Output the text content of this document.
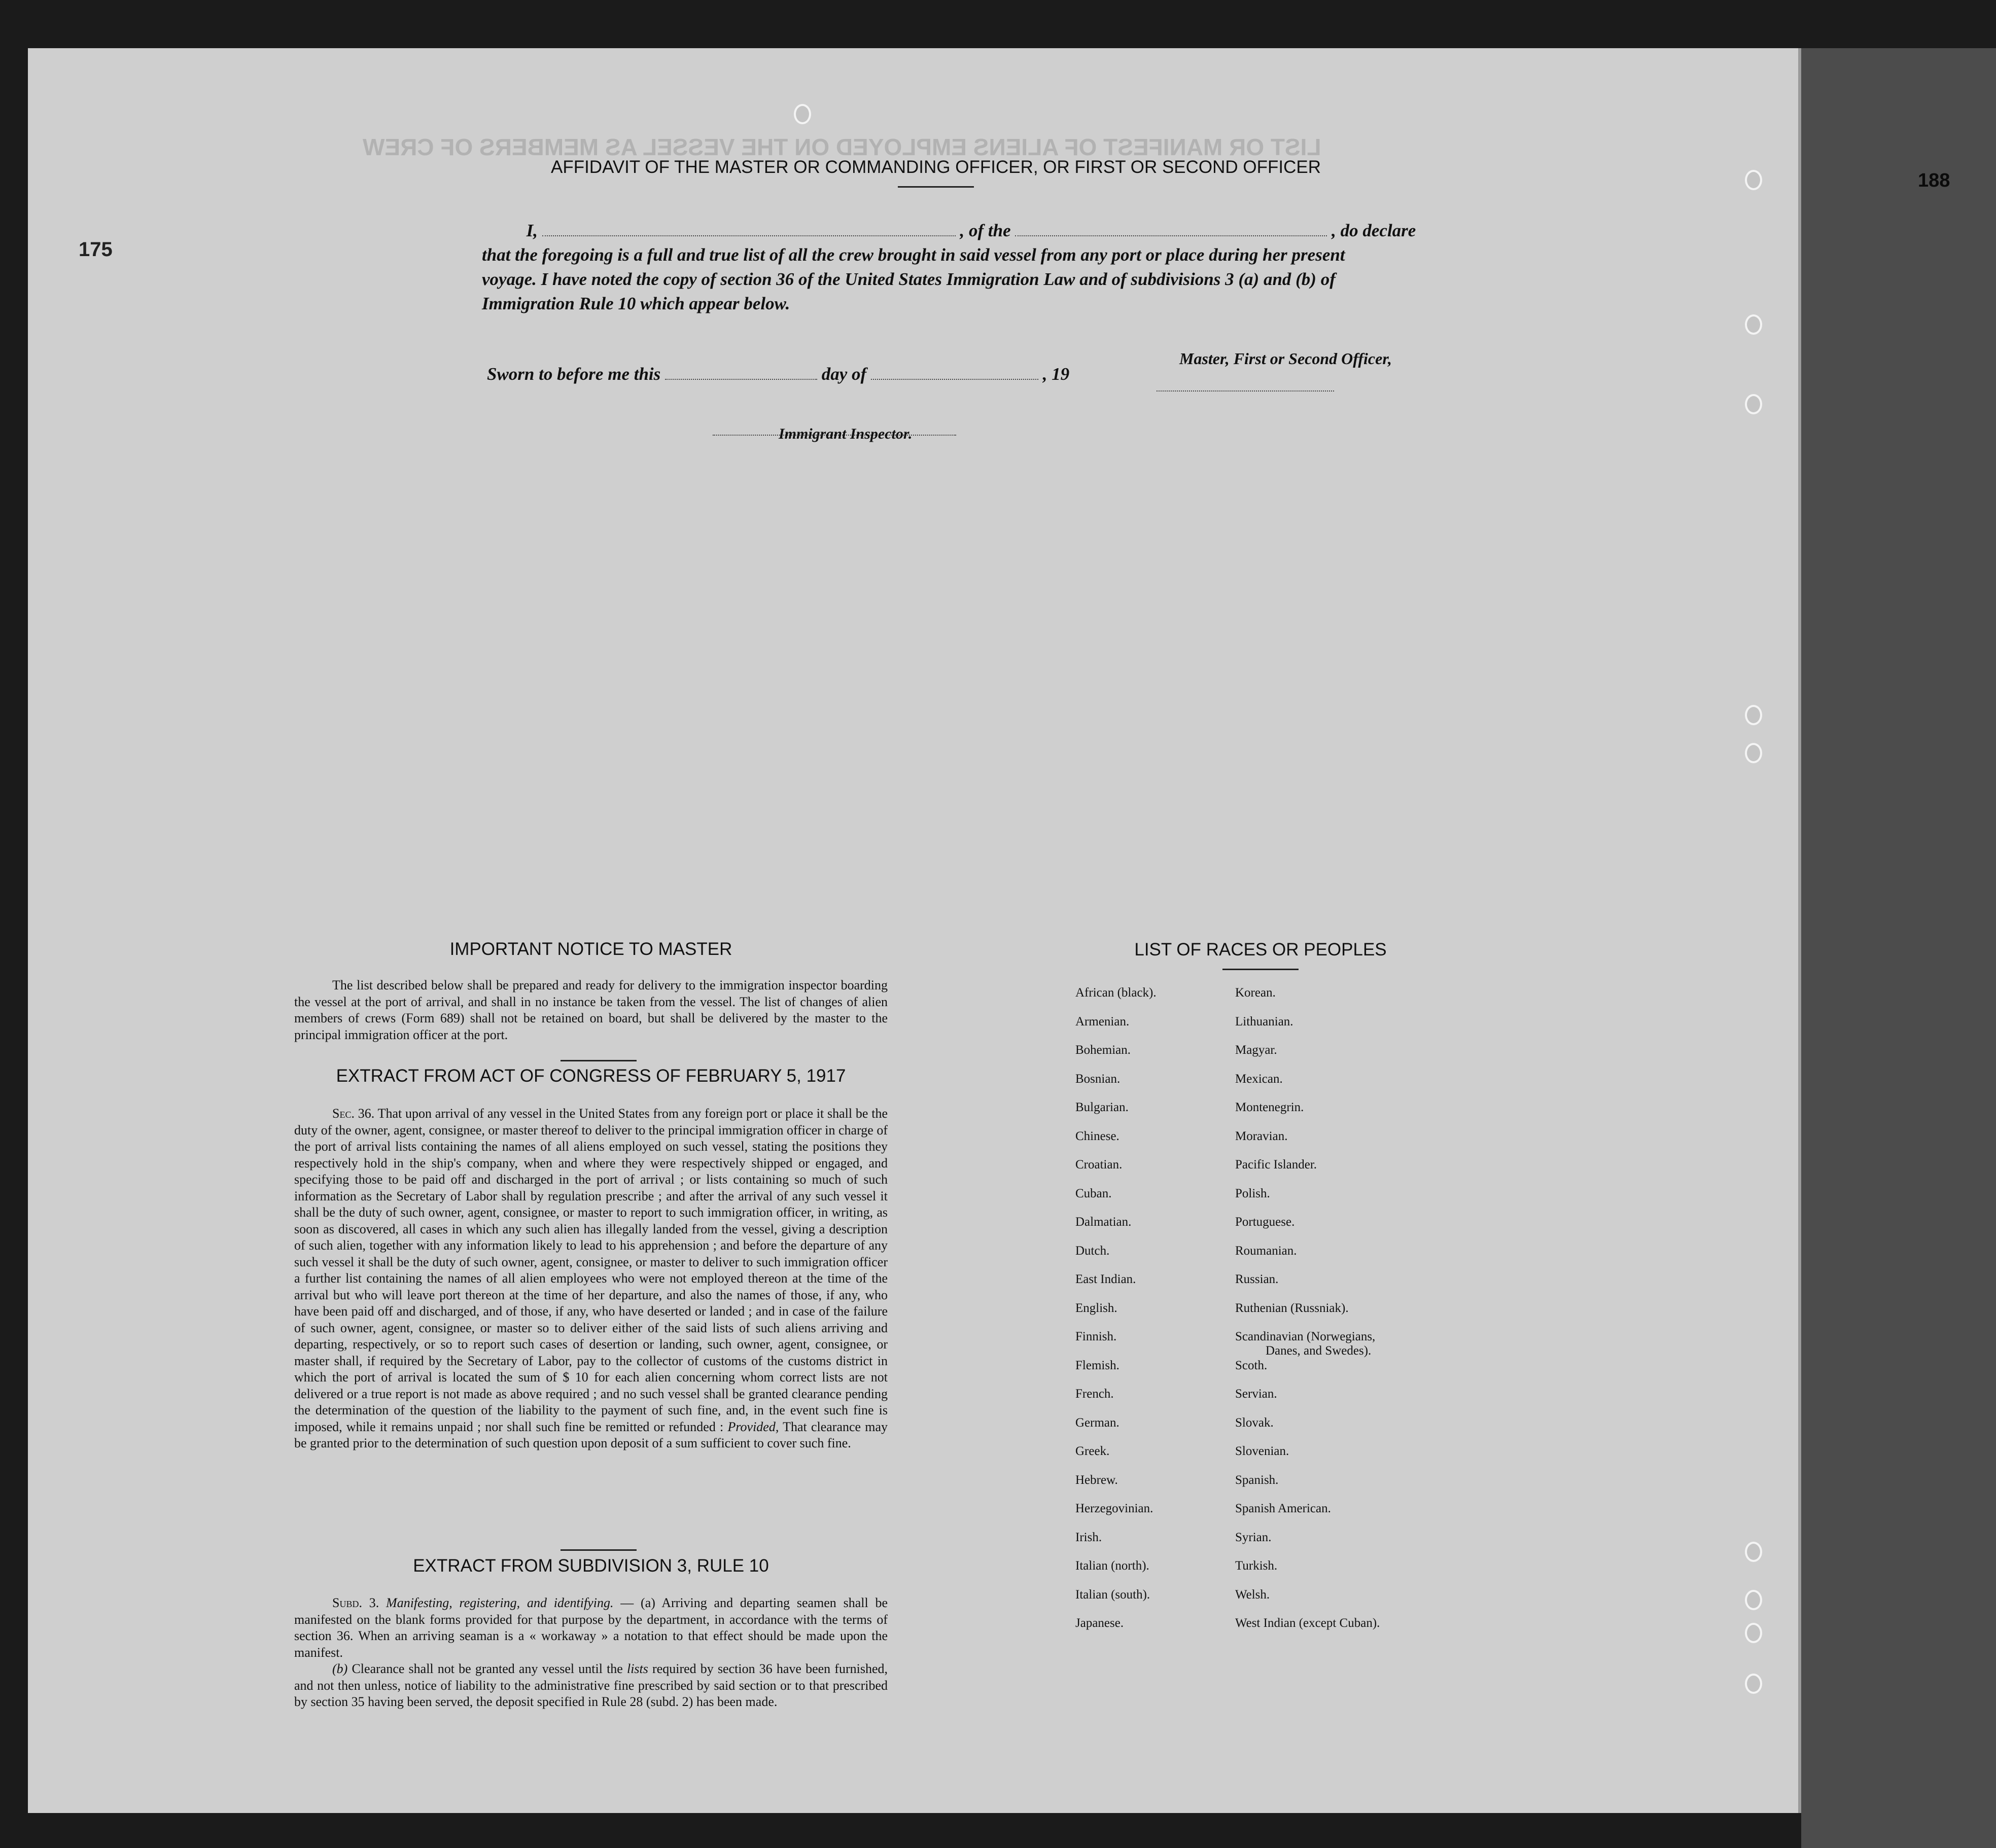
LIST OR MANIFEST OF ALIENS EMPLOYED ON THE VESSEL AS MEMBERS OF CREW
175
AFFIDAVIT OF THE MASTER OR COMMANDING OFFICER, OR FIRST OR SECOND OFFICER
I,	, of the	, do declare
that the foregoing is a full and true list of all the crew brought in said vessel from any port or place during her present
voyage. I have noted the copy of section 36 of the United States Immigration Law and of subdivisions 3 (a) and (b) of
Immigration Rule 10 which appear below.
Master, First or Second Officer,
Sworn to before me this	day of	, 19
Immigrant Inspector.
IMPORTANT NOTICE TO MASTER
The list described below shall be prepared and ready for delivery to the immigration inspector boarding the vessel at the port of arrival, and shall in no instance be taken from the vessel. The list of changes of alien members of crews (Form 689) shall not be retained on board, but shall be delivered by the master to the principal immigration officer at the port.
EXTRACT FROM ACT OF CONGRESS OF FEBRUARY 5, 1917
Sec. 36. That upon arrival of any vessel in the United States from any foreign port or place it shall be the duty of the owner, agent, consignee, or master thereof to deliver to the principal immigration officer in charge of the port of arrival lists containing the names of all aliens employed on such vessel, stating the positions they respectively hold in the ship's company, when and where they were respectively shipped or engaged, and specifying those to be paid off and discharged in the port of arrival ; or lists containing so much of such information as the Secretary of Labor shall by regulation prescribe ; and after the arrival of any such vessel it shall be the duty of such owner, agent, consignee, or master to report to such immigration officer, in writing, as soon as discovered, all cases in which any such alien has illegally landed from the vessel, giving a description of such alien, together with any information likely to lead to his apprehension ; and before the departure of any such vessel it shall be the duty of such owner, agent, consignee, or master to deliver to such immigration officer a further list containing the names of all alien employees who were not employed thereon at the time of the arrival but who will leave port thereon at the time of her departure, and also the names of those, if any, who have been paid off and discharged, and of those, if any, who have deserted or landed ; and in case of the failure of such owner, agent, consignee, or master so to deliver either of the said lists of such aliens arriving and departing, respectively, or so to report such cases of desertion or landing, such owner, agent, consignee, or master shall, if required by the Secretary of Labor, pay to the collector of customs of the customs district in which the port of arrival is located the sum of $ 10 for each alien concerning whom correct lists are not delivered or a true report is not made as above required ; and no such vessel shall be granted clearance pending the determination of the question of the liability to the payment of such fine, and, in the event such fine is imposed, while it remains unpaid ; nor shall such fine be remitted or refunded : Provided, That clearance may be granted prior to the determination of such question upon deposit of a sum sufficient to cover such fine.
EXTRACT FROM SUBDIVISION 3, RULE 10
Subd. 3. Manifesting, registering, and identifying. — (a) Arriving and departing seamen shall be manifested on the blank forms provided for that purpose by the department, in accordance with the terms of section 36. When an arriving seaman is a « workaway » a notation to that effect should be made upon the manifest.
(b) Clearance shall not be granted any vessel until the lists required by section 36 have been furnished, and not then unless, notice of liability to the administrative fine prescribed by said section or to that prescribed by section 35 having been served, the deposit specified in Rule 28 (subd. 2) has been made.
LIST OF RACES OR PEOPLES
African (black).
Armenian.
Bohemian.
Bosnian.
Bulgarian.
Chinese.
Croatian.
Cuban.
Dalmatian.
Dutch.
East Indian.
English.
Finnish.
Flemish.
French.
German.
Greek.
Hebrew.
Herzegovinian.
Irish.
Italian (north).
Italian (south).
Japanese.
Korean.
Lithuanian.
Magyar.
Mexican.
Montenegrin.
Moravian.
Pacific Islander.
Polish.
Portuguese.
Roumanian.
Russian.
Ruthenian (Russniak).
Scandinavian (Norwegians,
Danes, and Swedes).
Scoth.
Servian.
Slovak.
Slovenian.
Spanish.
Spanish American.
Syrian.
Turkish.
Welsh.
West Indian (except Cuban).
188
